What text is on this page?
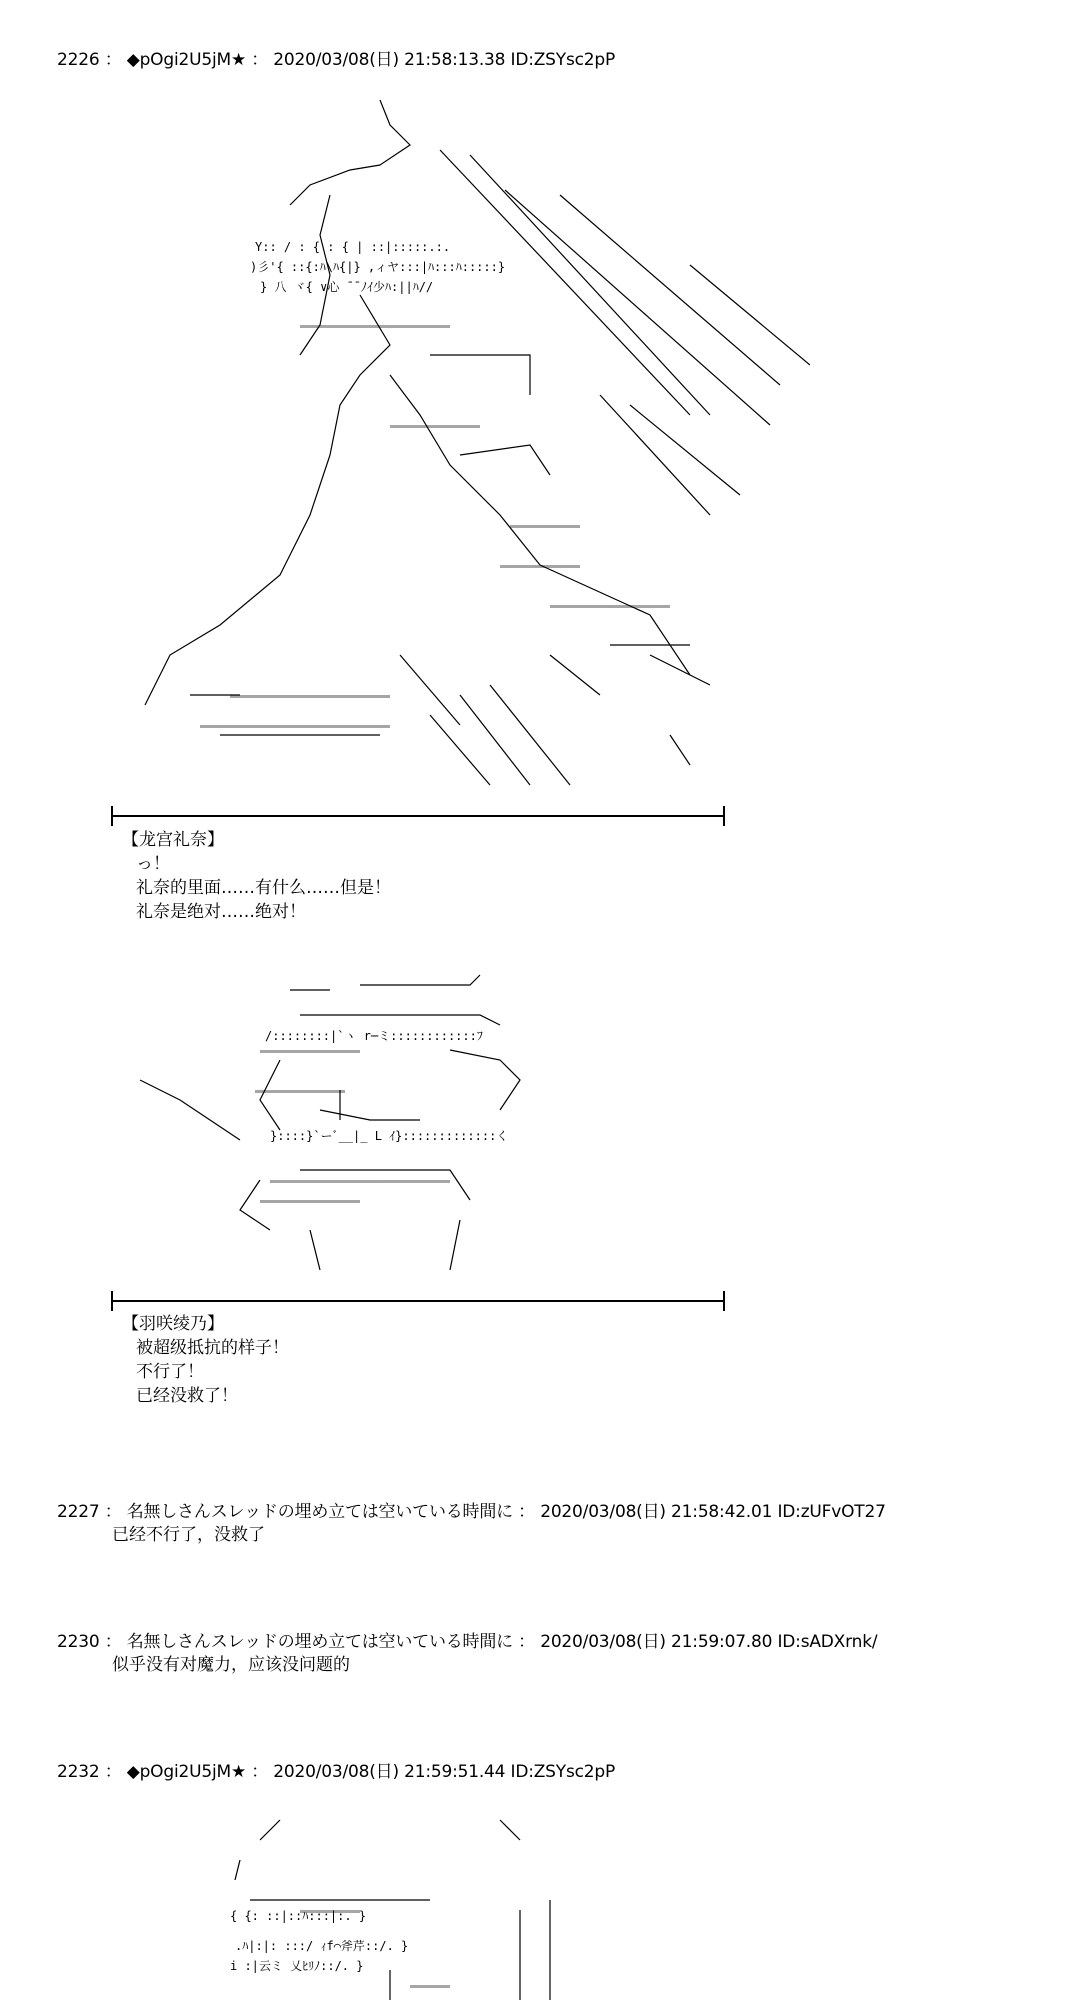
2226 ： ◆pOgi2U5jM★ ： 2020/03/08(日) 21:58:13.38 ID:ZSYsc2pP
Y:: / : { : { | ::|:::::.:.
)彡'{ ::{:ﾊ\ﾊ{|} ,ィヤ:::|ﾊ:::ﾊ:::::}
} 八 ヾ{ ∨心 ¯¯ﾉｲ少ﾊ:||ﾊ//
【龙宫礼奈】
っ！
礼奈的里面……有什么……但是！
礼奈是绝对……绝对！
/::::::::|`ヽ r─ミ::::::::::::ﾌ
}::::}`ーﾞ__|_ L ｲ}:::::::::::::く
【羽咲绫乃】
被超级抵抗的样子！
不行了！
已经没救了！
2227 ： 名無しさんスレッドの埋め立ては空いている時間に ： 2020/03/08(日) 21:58:42.01 ID:zUFvOT27
已经不行了，没救了
2230 ： 名無しさんスレッドの埋め立ては空いている時間に ： 2020/03/08(日) 21:59:07.80 ID:sADXrnk/
似乎没有对魔力，应该没问题的
2232 ： ◆pOgi2U5jM★ ： 2020/03/08(日) 21:59:51.44 ID:ZSYsc2pP
{ {: ::|::ﾊ:::|:. }
.ﾊ|:|: :::/ ｨf⌒斧芹::/. }
i :|云ミ 乂ﾋﾘﾉ::/. }
